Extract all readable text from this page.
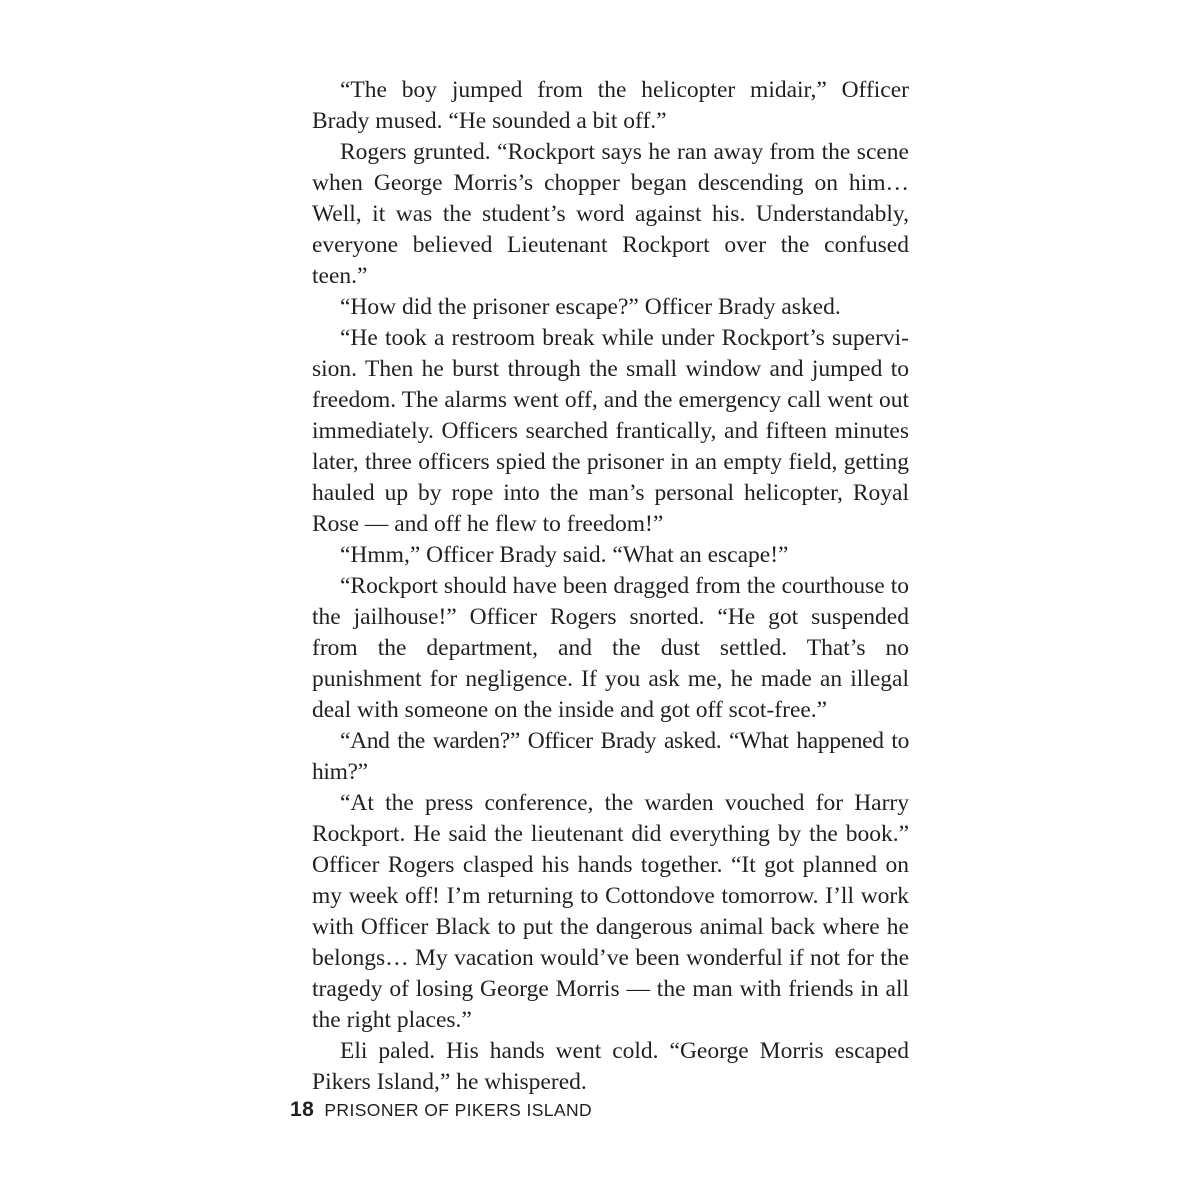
“The boy jumped from the helicopter midair,” Officer Brady mused. “He sounded a bit off.”

Rogers grunted. “Rockport says he ran away from the scene when George Morris’s chopper began descending on him… Well, it was the student’s word against his. Understandably, everyone believed Lieutenant Rockport over the confused teen.”

“How did the prisoner escape?” Officer Brady asked.

“He took a restroom break while under Rockport’s supervision. Then he burst through the small window and jumped to freedom. The alarms went off, and the emergency call went out immediately. Officers searched frantically, and fifteen minutes later, three officers spied the prisoner in an empty field, getting hauled up by rope into the man’s personal helicopter, Royal Rose — and off he flew to freedom!”

“Hmm,” Officer Brady said. “What an escape!”

“Rockport should have been dragged from the courthouse to the jailhouse!” Officer Rogers snorted. “He got suspended from the department, and the dust settled. That’s no punishment for negligence. If you ask me, he made an illegal deal with someone on the inside and got off scot-free.”

“And the warden?” Officer Brady asked. “What happened to him?”

“At the press conference, the warden vouched for Harry Rockport. He said the lieutenant did everything by the book.” Officer Rogers clasped his hands together. “It got planned on my week off! I’m returning to Cottondove tomorrow. I’ll work with Officer Black to put the dangerous animal back where he belongs… My vacation would’ve been wonderful if not for the tragedy of losing George Morris — the man with friends in all the right places.”

Eli paled. His hands went cold. “George Morris escaped Pikers Island,” he whispered.

18 PRISONER OF PIKERS ISLAND
